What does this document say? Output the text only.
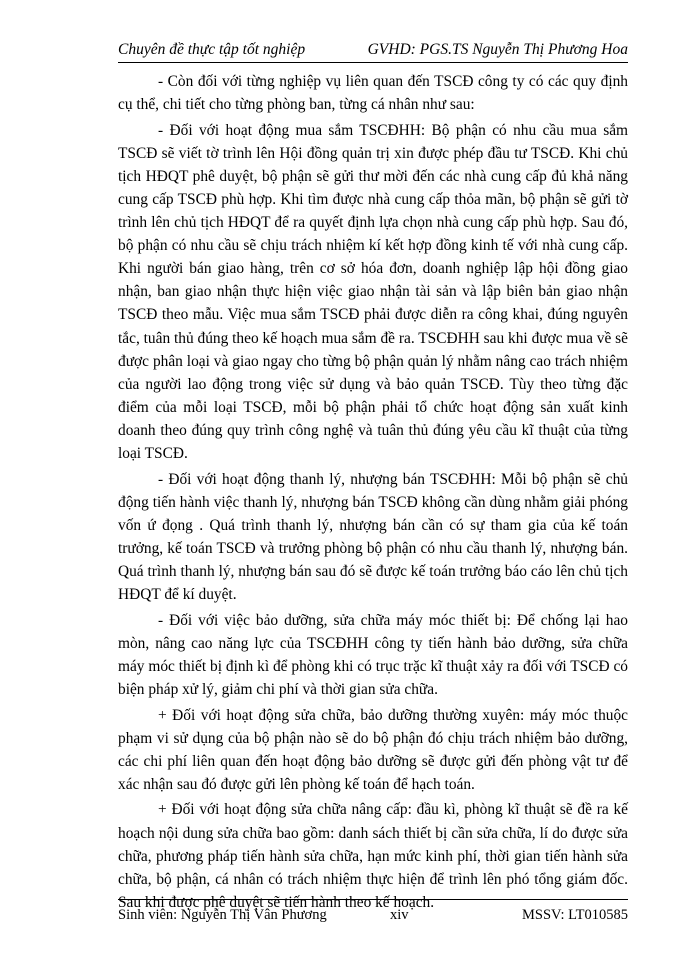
Chuyên đề thực tập tốt nghiệp	GVHD: PGS.TS Nguyễn Thị Phương Hoa

- Còn đối với từng nghiệp vụ liên quan đến TSCĐ công ty có các quy định cụ thể, chi tiết cho từng phòng ban, từng cá nhân như sau:

- Đối với hoạt động mua sắm TSCĐHH: Bộ phận có nhu cầu mua sắm TSCĐ sẽ viết tờ trình lên Hội đồng quản trị xin được phép đầu tư TSCĐ. Khi chủ tịch HĐQT phê duyệt, bộ phận sẽ gửi thư mời đến các nhà cung cấp đủ khả năng cung cấp TSCĐ phù hợp. Khi tìm được nhà cung cấp thỏa mãn, bộ phận sẽ gửi tờ trình lên chủ tịch HĐQT để ra quyết định lựa chọn nhà cung cấp phù hợp. Sau đó, bộ phận có nhu cầu sẽ chịu trách nhiệm kí kết hợp đồng kinh tế với nhà cung cấp. Khi người bán giao hàng, trên cơ sở hóa đơn, doanh nghiệp lập hội đồng giao nhận, ban giao nhận thực hiện việc giao nhận tài sản và lập biên bản giao nhận TSCĐ theo mẫu. Việc mua sắm TSCĐ phải được diễn ra công khai, đúng nguyên tắc, tuân thủ đúng theo kế hoạch mua sắm đề ra. TSCĐHH sau khi được mua về sẽ được phân loại và giao ngay cho từng bộ phận quản lý nhằm nâng cao trách nhiệm của người lao động trong việc sử dụng và bảo quản TSCĐ. Tùy theo từng đặc điểm của mỗi loại TSCĐ, mỗi bộ phận phải tổ chức hoạt động sản xuất kinh doanh theo đúng quy trình công nghệ và tuân thủ đúng yêu cầu kĩ thuật của từng loại TSCĐ.

- Đối với hoạt động thanh lý, nhượng bán TSCĐHH: Mỗi bộ phận sẽ chủ động tiến hành việc thanh lý, nhượng bán TSCĐ không cần dùng nhằm giải phóng vốn ứ đọng . Quá trình thanh lý, nhượng bán cần có sự tham gia của kế toán trưởng, kế toán TSCĐ và trưởng phòng bộ phận có nhu cầu thanh lý, nhượng bán. Quá trình thanh lý, nhượng bán sau đó sẽ được kế toán trưởng báo cáo lên chủ tịch HĐQT để kí duyệt.

- Đối với việc bảo dưỡng, sửa chữa máy móc thiết bị: Để chống lại hao mòn, nâng cao năng lực của TSCĐHH công ty tiến hành bảo dưỡng, sửa chữa máy móc thiết bị định kì để phòng khi có trục trặc kĩ thuật xảy ra đối với TSCĐ có biện pháp xử lý, giảm chi phí và thời gian sửa chữa.

+ Đối với hoạt động sửa chữa, bảo dưỡng thường xuyên: máy móc thuộc phạm vi sử dụng của bộ phận nào sẽ do bộ phận đó chịu trách nhiệm bảo dưỡng, các chi phí liên quan đến hoạt động bảo dưỡng sẽ được gửi đến phòng vật tư để xác nhận sau đó được gửi lên phòng kế toán để hạch toán.

+ Đối với hoạt động sửa chữa nâng cấp: đầu kì, phòng kĩ thuật sẽ đề ra kế hoạch nội dung sửa chữa bao gồm: danh sách thiết bị cần sửa chữa, lí do được sửa chữa, phương pháp tiến hành sửa chữa, hạn mức kinh phí, thời gian tiến hành sửa chữa, bộ phận, cá nhân có trách nhiệm thực hiện để trình lên phó tổng giám đốc. Sau khi được phê duyệt sẽ tiến hành theo kế hoạch.

Sinh viên: Nguyễn Thị Vân Phương	xiv	MSSV: LT010585
